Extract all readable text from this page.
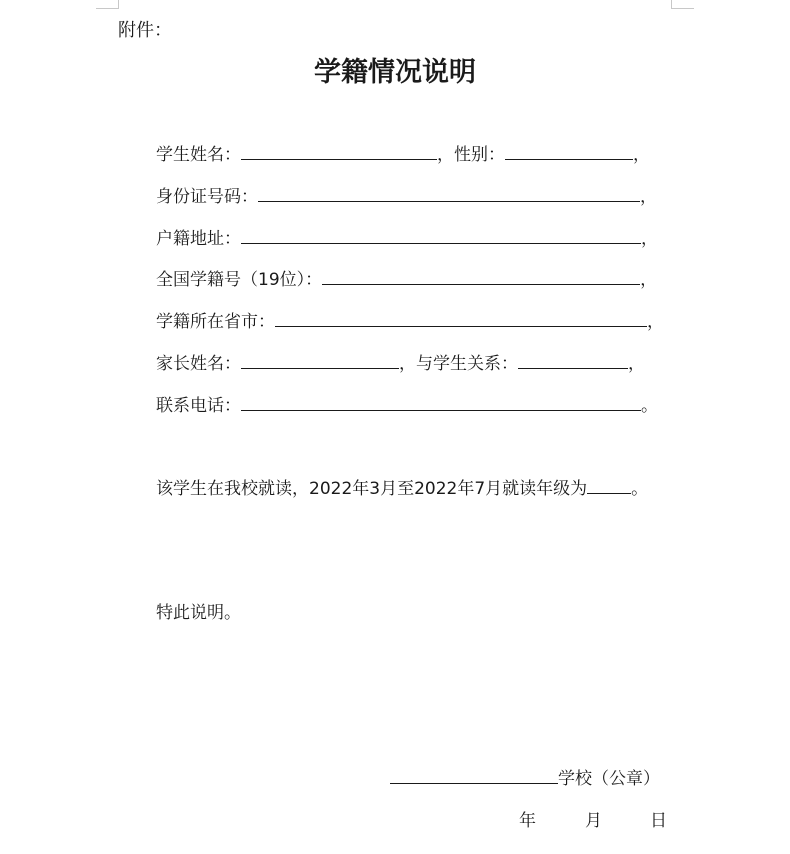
附件：
学籍情况说明
学生姓名：	，性别：	，
身份证号码：	，
户籍地址：	，
全国学籍号（19位）：	，
学籍所在省市：	，
家长姓名：	，与学生关系：	，
联系电话：	。
该学生在我校就读，2022年3月至2022年7月就读年级为	。
特此说明。
学校（公章）
年	月	日
